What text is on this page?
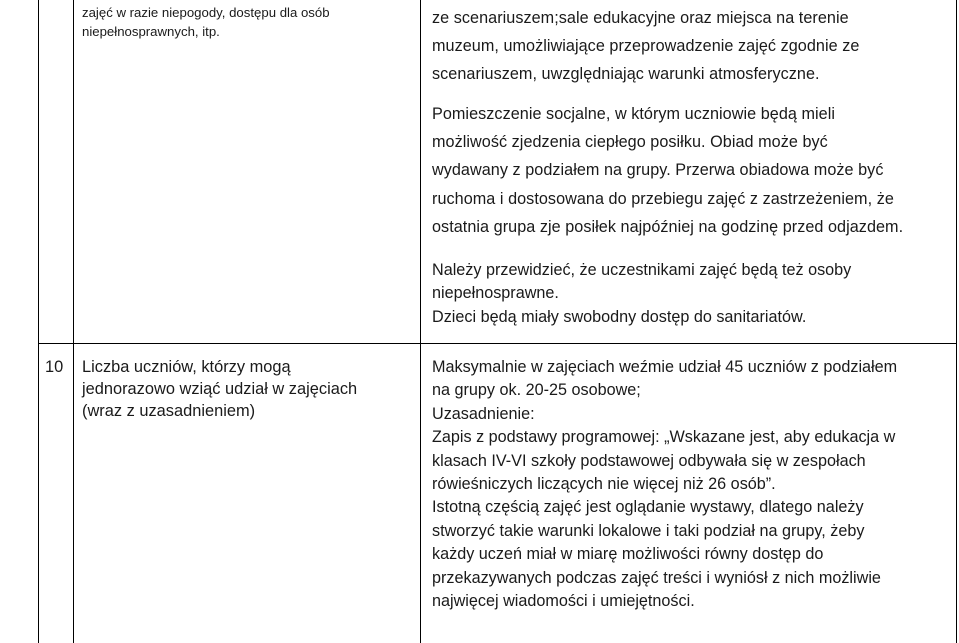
zajęć w razie niepogody, dostępu dla osób
niepełnosprawnych, itp.
ze scenariuszem;sale edukacyjne oraz miejsca na terenie
muzeum, umożliwiające przeprowadzenie zajęć zgodnie ze
scenariuszem, uwzględniając warunki atmosferyczne.
Pomieszczenie socjalne, w którym uczniowie będą mieli
możliwość zjedzenia ciepłego posiłku. Obiad może być
wydawany z podziałem na grupy. Przerwa obiadowa może być
ruchoma i dostosowana do przebiegu zajęć z zastrzeżeniem, że
ostatnia grupa zje posiłek najpóźniej na godzinę przed odjazdem.
Należy przewidzieć, że uczestnikami zajęć będą też osoby
niepełnosprawne.
Dzieci będą miały swobodny dostęp do sanitariatów.
10 Liczba uczniów, którzy mogą
jednorazowo wziąć udział w zajęciach
(wraz z uzasadnieniem)
Maksymalnie w zajęciach weźmie udział 45 uczniów z podziałem
na grupy ok. 20-25 osobowe;
Uzasadnienie:
Zapis z podstawy programowej: „Wskazane jest, aby edukacja w
klasach IV-VI szkoły podstawowej odbywała się w zespołach
rówieśniczych liczących nie więcej niż 26 osób”.
Istotną częścią zajęć jest oglądanie wystawy, dlatego należy
stworzyć takie warunki lokalowe i taki podział na grupy, żeby
każdy uczeń miał w miarę możliwości równy dostęp do
przekazywanych podczas zajęć treści i wyniósł z nich możliwie
najwięcej wiadomości i umiejętności.
